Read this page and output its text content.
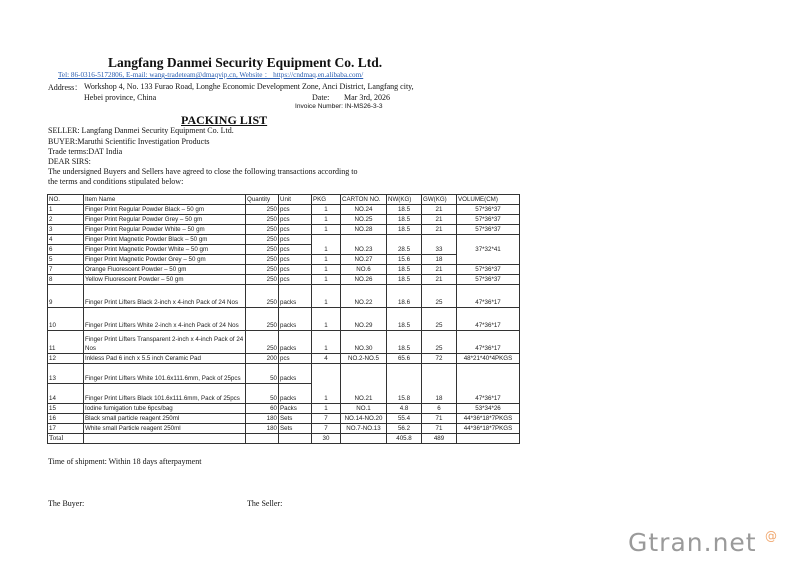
Langfang Danmei Security Equipment Co. Ltd.
Tel: 86-0316-5172806, E-mail: wang-tradeteam@dmaqvip.cn, Website ： https://cndmaq.en.alibaba.com/
Address： Workshop 4, No. 133 Furao Road, Longhe Economic Development Zone, Anci District, Langfang city,
Hebei province, China	Date: Mar 3rd, 2026
Invoice Number: IN-MS26-3-3
PACKING LIST
SELLER: Langfang Danmei Security Equipment Co. Ltd.
BUYER:Maruthi Scientific Investigation Products
Trade terms:DAT India
DEAR SIRS:
The undersigned Buyers and Sellers have agreed to close the following transactions according to
the terms and conditions stipulated below:
NO.	Item Name	Quantity	Unit	PKG	CARTON NO.	NW(KG)	GW(KG)	VOLUME(CM)
1	Finger Print Regular Powder Black – 50 gm	250	pcs	1	NO.24	18.5	21	57*36*37
2	Finger Print Regular Powder Grey – 50 gm	250	pcs	1	NO.25	18.5	21	57*36*37
3	Finger Print Regular Powder White – 50 gm	250	pcs	1	NO.28	18.5	21	57*36*37
4	Finger Print Magnetic Powder Black – 50 gm	250	pcs	1	NO.23	28.5	33	37*32*41
6	Finger Print Magnetic Powder White – 50 gm	250	pcs					
5	Finger Print Magnetic Powder Grey – 50 gm	250	pcs	1	NO.27	15.6	18	
7	Orange Fluorescent Powder – 50 gm	250	pcs	1	NO.6	18.5	21	57*36*37
8	Yellow Fluorescent Powder – 50 gm	250	pcs	1	NO.26	18.5	21	57*36*37
9	Finger Print Lifters Black 2-inch x 4-inch Pack of 24 Nos	250	packs	1	NO.22	18.6	25	47*36*17
10	Finger Print Lifters White 2-inch x 4-inch Pack of 24 Nos	250	packs	1	NO.29	18.5	25	47*36*17
11	Finger Print Lifters Transparent 2-inch x 4-inch Pack of 24 Nos	250	packs	1	NO.30	18.5	25	47*36*17
12	Inkless Pad 6 inch x 5.5 inch Ceramic Pad	200	pcs	4	NO.2-NO.5	65.6	72	48*21*40*4PKGS
13	Finger Print Lifters White 101.6x111.6mm, Pack of 25pcs	50	packs	1	NO.21	15.8	18	47*36*17
14	Finger Print Lifters Black 101.6x111.6mm, Pack of 25pcs	50	packs					
15	Iodine fumigation tube 6pcs/bag	60	Packs	1	NO.1	4.8	6	53*34*26
16	Black small particle reagent 250ml	180	Sets	7	NO.14-NO.20	55.4	71	44*36*18*7PKGS
17	White small Particle reagent 250ml	180	Sets	7	NO.7-NO.13	56.2	71	44*36*18*7PKGS
Total				30		405.8	489	
Time of shipment: Within 18 days afterpayment
The Buyer:	The Seller:
Gtran.net @
